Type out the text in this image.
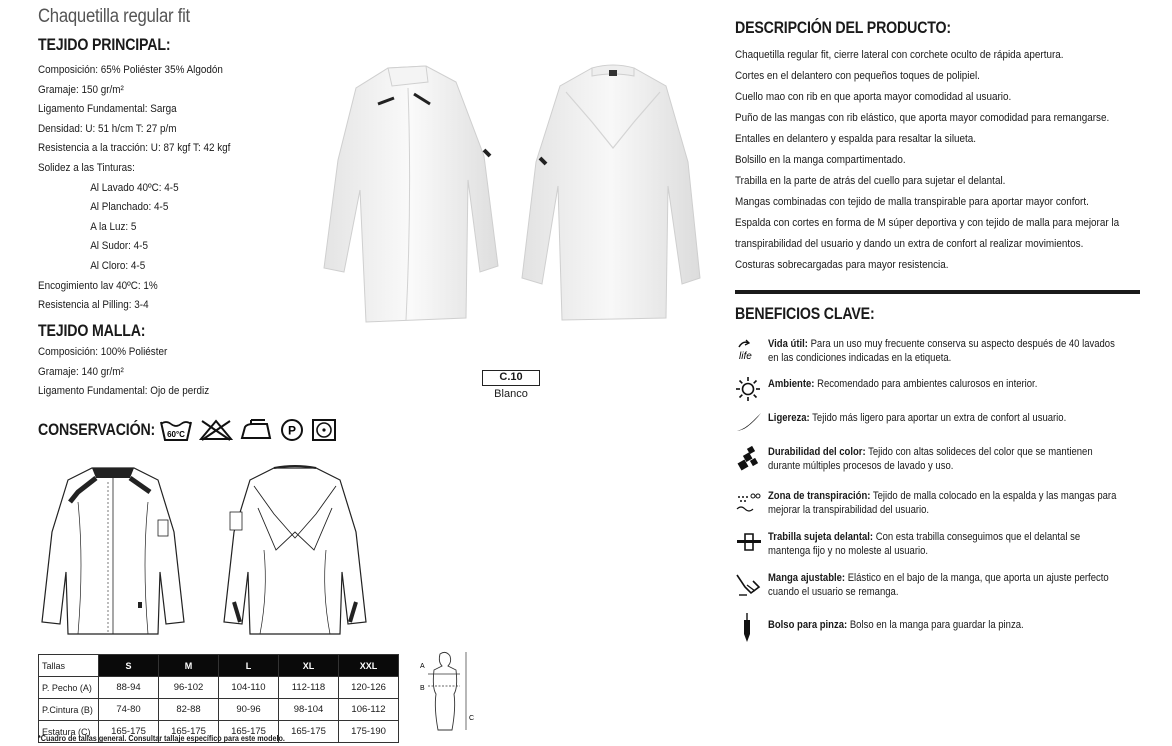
Chaquetilla regular fit
TEJIDO PRINCIPAL:
Composición: 65% Poliéster 35% Algodón
Gramaje: 150 gr/m²
Ligamento Fundamental: Sarga
Densidad: U: 51 h/cm T: 27 p/m
Resistencia a la tracción: U: 87 kgf T: 42 kgf
Solidez a las Tinturas:
Al Lavado 40ºC: 4-5
Al Planchado: 4-5
A la Luz: 5
Al Sudor: 4-5
Al Cloro: 4-5
Encogimiento lav 40ºC: 1%
Resistencia al Pilling: 3-4
TEJIDO MALLA:
Composición: 100% Poliéster
Gramaje: 140 gr/m²
Ligamento Fundamental: Ojo de perdiz
CONSERVACIÓN: 60°C	P
Tallas	S	M	L	XL	XXL
P. Pecho (A)	88-94	96-102	104-110	112-118	120-126
P.Cintura (B)	74-80	82-88	90-96	98-104	106-112
Estatura (C)	165-175	165-175	165-175	165-175	175-190
*Cuadro de tallas general. Consultar tallaje específico para este modelo.
A
B
C
C.10
Blanco
DESCRIPCIÓN DEL PRODUCTO:
Chaquetilla regular fit, cierre lateral con corchete oculto de rápida apertura.
Cortes en el delantero con pequeños toques de polipiel.
Cuello mao con rib en que aporta mayor comodidad al usuario.
Puño de las mangas con rib elástico, que aporta mayor comodidad para remangarse.
Entalles en delantero y espalda para resaltar la silueta.
Bolsillo en la manga compartimentado.
Trabilla en la parte de atrás del cuello para sujetar el delantal.
Mangas combinadas con tejido de malla transpirable para aportar mayor confort.
Espalda con cortes en forma de M súper deportiva y con tejido de malla para mejorar la
transpirabilidad del usuario y dando un extra de confort al realizar movimientos.
Costuras sobrecargadas para mayor resistencia.
BENEFICIOS CLAVE:
life
Vida útil: Para un uso muy frecuente conserva su aspecto después de 40 lavados en las condiciones indicadas en la etiqueta.
Ambiente: Recomendado para ambientes calurosos en interior.
Ligereza: Tejido más ligero para aportar un extra de confort al usuario.
Durabilidad del color: Tejido con altas solideces del color que se mantienen durante múltiples procesos de lavado y uso.
Zona de transpiración: Tejido de malla colocado en la espalda y las mangas para mejorar la transpirabilidad del usuario.
Trabilla sujeta delantal: Con esta trabilla conseguimos que el delantal se mantenga fijo y no moleste al usuario.
Manga ajustable: Elástico en el bajo de la manga, que aporta un ajuste perfecto cuando el usuario se remanga.
Bolso para pinza: Bolso en la manga para guardar la pinza.
